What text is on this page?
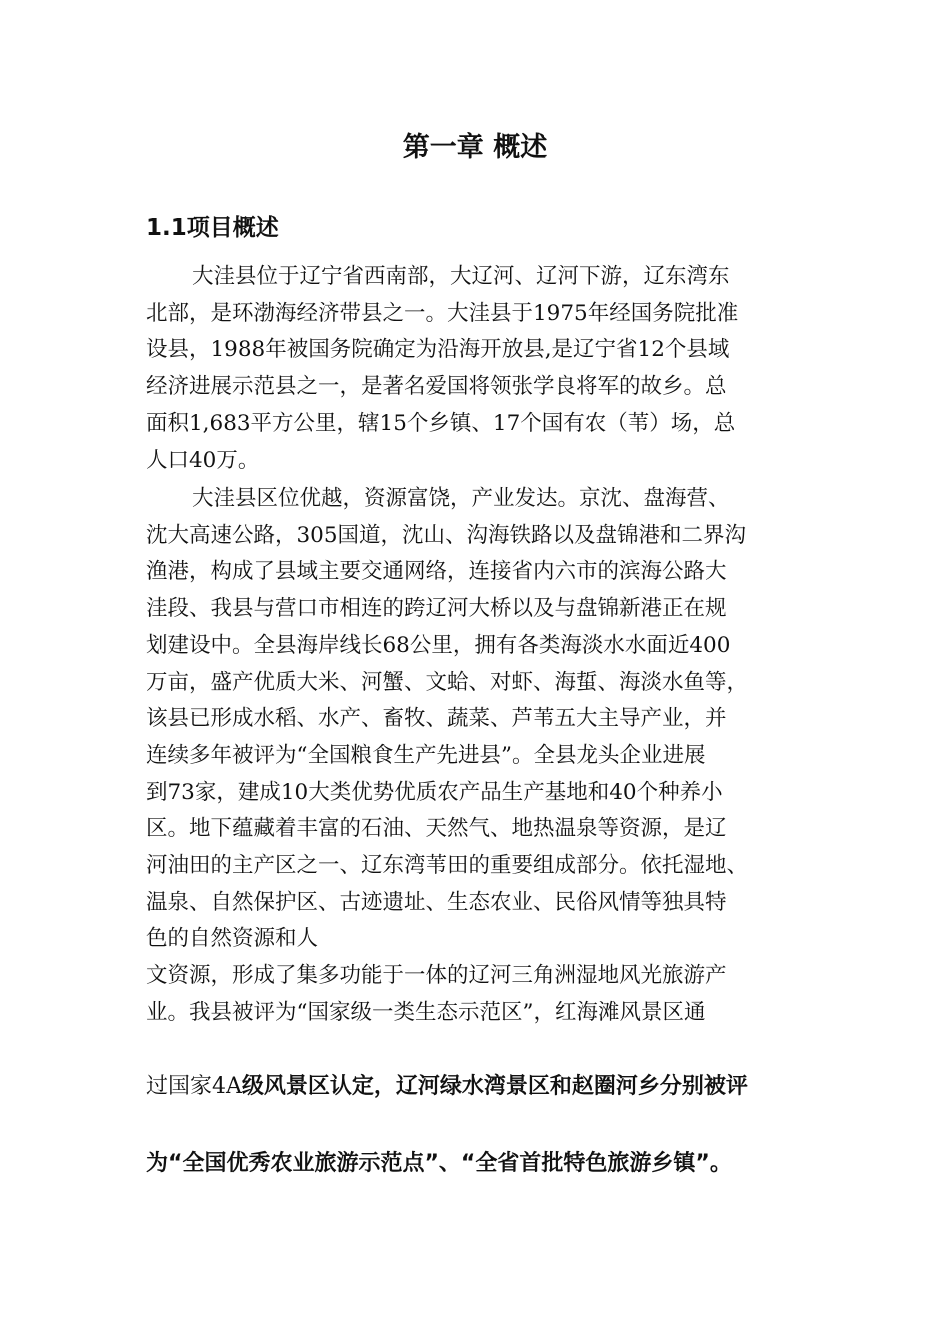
第一章 概述
1.1项目概述
大洼县位于辽宁省西南部，大辽河、辽河下游，辽东湾东
北部，是环渤海经济带县之一。大洼县于1975年经国务院批准
设县，1988年被国务院确定为沿海开放县,是辽宁省12个县域
经济进展示范县之一，是著名爱国将领张学良将军的故乡。总
面积1,683平方公里，辖15个乡镇、17个国有农（苇）场，总
人口40万。
大洼县区位优越，资源富饶，产业发达。京沈、盘海营、
沈大高速公路，305国道，沈山、沟海铁路以及盘锦港和二界沟
渔港，构成了县域主要交通网络，连接省内六市的滨海公路大
洼段、我县与营口市相连的跨辽河大桥以及与盘锦新港正在规
划建设中。全县海岸线长68公里，拥有各类海淡水水面近400
万亩，盛产优质大米、河蟹、文蛤、对虾、海蜇、海淡水鱼等，
该县已形成水稻、水产、畜牧、蔬菜、芦苇五大主导产业，并
连续多年被评为“全国粮食生产先进县”。全县龙头企业进展
到73家，建成10大类优势优质农产品生产基地和40个种养小
区。地下蕴藏着丰富的石油、天然气、地热温泉等资源，是辽
河油田的主产区之一、辽东湾苇田的重要组成部分。依托湿地、
温泉、自然保护区、古迹遗址、生态农业、民俗风情等独具特
色的自然资源和人
文资源，形成了集多功能于一体的辽河三角洲湿地风光旅游产
业。我县被评为“国家级一类生态示范区”，红海滩风景区通

过国家4A级风景区认定，辽河绿水湾景区和赵圈河乡分别被评

为“全国优秀农业旅游示范点”、“全省首批特色旅游乡镇”。
